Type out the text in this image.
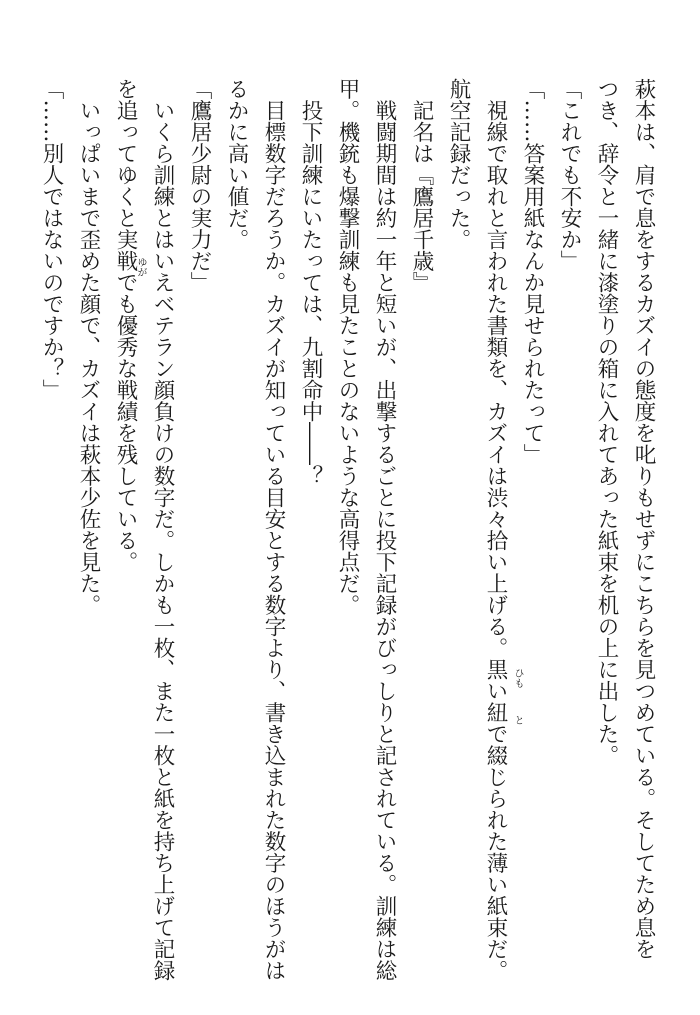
萩本は、肩で息をするカズイの態度を叱りもせずにこちらを見つめている。そしてため息を

つき、辞令と一緒に漆塗りの箱に入れてあった紙束を机の上に出した。

「これでも不安か」

「……答案用紙なんか見せられたって」

　視線で取れと言われた書類を、カズイは渋々拾い上げる。黒い紐で綴じられた薄い紙束だ。

航空記録だった。

　記名は『鷹居千歳』

　戦闘期間は約一年と短いが、出撃するごとに投下記録がびっしりと記されている。訓練は総

甲。機銃も爆撃訓練も見たことのないような高得点だ。

　投下訓練にいたっては、九割命中――？

　目標数字だろうか。カズイが知っている目安とする数字より、書き込まれた数字のほうがは

るかに高い値だ。

「鷹居少尉の実力だ」

　いくら訓練とはいえベテラン顔負けの数字だ。しかも一枚、また一枚と紙を持ち上げて記録

を追ってゆくと実戦でも優秀な戦績を残している。

　いっぱいまで歪めた顔で、カズイは萩本少佐を見た。

「……別人ではないのですか？」

ひも
と
ゆが
